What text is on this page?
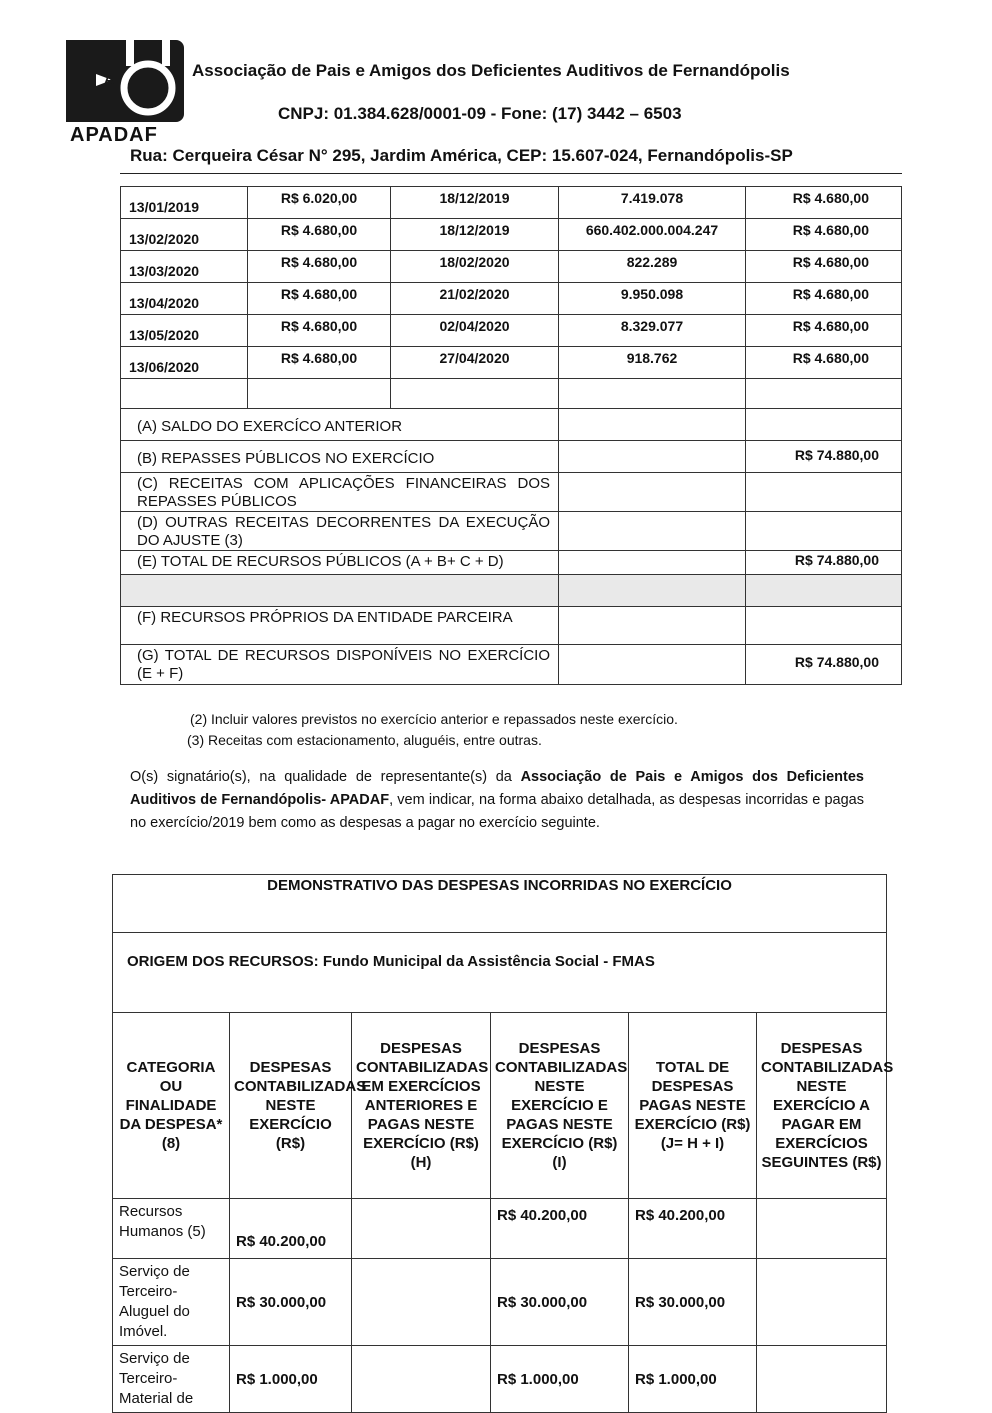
A
APADAF
Associação de Pais e Amigos dos Deficientes Auditivos de Fernandópolis
CNPJ: 01.384.628/0001-09 - Fone: (17) 3442 – 6503
Rua: Cerqueira César N° 295, Jardim América, CEP: 15.607-024, Fernandópolis-SP
13/01/2019	R$ 6.020,00	18/12/2019	7.419.078	R$ 4.680,00
13/02/2020	R$ 4.680,00	18/12/2019	660.402.000.004.247	R$ 4.680,00
13/03/2020	R$ 4.680,00	18/02/2020	822.289	R$ 4.680,00
13/04/2020	R$ 4.680,00	21/02/2020	9.950.098	R$ 4.680,00
13/05/2020	R$ 4.680,00	02/04/2020	8.329.077	R$ 4.680,00
13/06/2020	R$ 4.680,00	27/04/2020	918.762	R$ 4.680,00

(A) SALDO DO EXERCÍCO ANTERIOR				
(B) REPASSES PÚBLICOS NO EXERCÍCIO				R$ 74.880,00
(C) RECEITAS COM APLICAÇÕES FINANCEIRAS DOS REPASSES PÚBLICOS				
(D) OUTRAS RECEITAS DECORRENTES DA EXECUÇÃO DO AJUSTE (3)				
(E) TOTAL DE RECURSOS PÚBLICOS (A + B+ C + D)				R$ 74.880,00

(F) RECURSOS PRÓPRIOS DA ENTIDADE PARCEIRA				
(G) TOTAL DE RECURSOS DISPONÍVEIS NO EXERCÍCIO (E + F)				R$ 74.880,00
(2) Incluir valores previstos no exercício anterior e repassados neste exercício.
(3) Receitas com estacionamento, aluguéis, entre outras.
O(s) signatário(s), na qualidade de representante(s) da Associação de Pais e Amigos dos Deficientes Auditivos de Fernandópolis- APADAF, vem indicar, na forma abaixo detalhada, as despesas incorridas e pagas no exercício/2019 bem como as despesas a pagar no exercício seguinte.
DEMONSTRATIVO DAS DESPESAS INCORRIDAS NO EXERCÍCIO					
ORIGEM DOS RECURSOS: Fundo Municipal da Assistência Social - FMAS					
CATEGORIA OU FINALIDADE DA DESPESA* (8)	DESPESAS CONTABILIZADAS NESTE EXERCÍCIO (R$)	DESPESAS CONTABILIZADAS EM EXERCÍCIOS ANTERIORES E PAGAS NESTE EXERCÍCIO (R$) (H)	DESPESAS CONTABILIZADAS NESTE EXERCÍCIO E PAGAS NESTE EXERCÍCIO (R$) (I)	TOTAL DE DESPESAS PAGAS NESTE EXERCÍCIO (R$) (J= H + I)	DESPESAS CONTABILIZADAS NESTE EXERCÍCIO A PAGAR EM EXERCÍCIOS SEGUINTES (R$)
Recursos Humanos (5)	R$ 40.200,00		R$ 40.200,00	R$ 40.200,00	
Serviço de Terceiro- Aluguel do Imóvel.	R$ 30.000,00		R$ 30.000,00	R$ 30.000,00	
Serviço de Terceiro- Material de	R$ 1.000,00		R$ 1.000,00	R$ 1.000,00	
